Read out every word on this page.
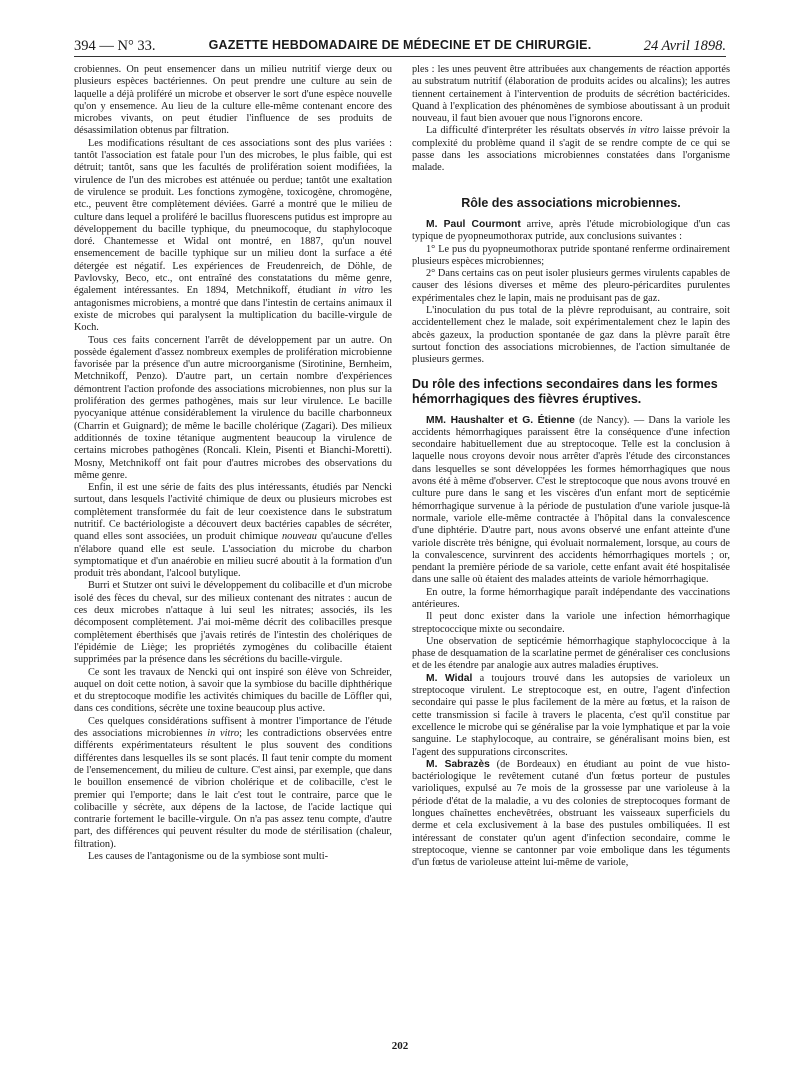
394 — N° 33.	GAZETTE HEBDOMADAIRE DE MÉDECINE ET DE CHIRURGIE.	24 Avril 1898.

crobiennes. On peut ensemencer dans un milieu nutritif vierge deux ou plusieurs espèces bactériennes. On peut prendre une culture au sein de laquelle a déjà proliféré un microbe et observer le sort d'une espèce nouvelle qu'on y ensemence. Au lieu de la culture elle-même contenant encore des microbes vivants, on peut étudier l'influence de ses produits de désassimilation obtenus par filtration.

Les modifications résultant de ces associations sont des plus variées : tantôt l'association est fatale pour l'un des microbes, le plus faible, qui est détruit; tantôt, sans que les facultés de prolifération soient modifiées, la virulence de l'un des microbes est atténuée ou perdue; tantôt une exaltation de virulence se produit. Les fonctions zymogène, toxicogène, chromogène, etc., peuvent être complètement déviées. Garré a montré que le milieu de culture dans lequel a proliféré le bacillus fluorescens putidus est impropre au développement du bacille typhique, du pneumocoque, du staphylocoque doré. Chantemesse et Widal ont montré, en 1887, qu'un nouvel ensemencement de bacille typhique sur un milieu dont la surface a été détergée est négatif. Les expériences de Freudenreich, de Döhle, de Pavlovsky, Beco, etc., ont entraîné des constatations du même genre, également intéressantes. En 1894, Metchnikoff, étudiant in vitro les antagonismes microbiens, a montré que dans l'intestin de certains animaux il existe de microbes qui paralysent la multiplication du bacille-virgule de Koch.

Tous ces faits concernent l'arrêt de développement par un autre. On possède également d'assez nombreux exemples de prolifération microbienne favorisée par la présence d'un autre microorganisme (Sirotinine, Bernheim, Metchnikoff, Penzo). D'autre part, un certain nombre d'expériences démontrent l'action profonde des associations microbiennes, non plus sur la prolifération des germes pathogènes, mais sur leur virulence. Le bacille pyocyanique atténue considérablement la virulence du bacille charbonneux (Charrin et Guignard); de même le bacille cholérique (Zagari). Des milieux additionnés de toxine tétanique augmentent beaucoup la virulence de certains microbes pathogènes (Roncali. Klein, Pisenti et Bianchi-Moretti). Mosny, Metchnikoff ont fait pour d'autres microbes des observations du même genre.

Enfin, il est une série de faits des plus intéressants, étudiés par Nencki surtout, dans lesquels l'activité chimique de deux ou plusieurs microbes est complètement transformée du fait de leur coexistence dans le substratum nutritif. Ce bactériologiste a découvert deux bactéries capables de sécréter, quand elles sont associées, un produit chimique nouveau qu'aucune d'elles n'élabore quand elle est seule. L'association du microbe du charbon symptomatique et d'un anaérobie en milieu sucré aboutit à la formation d'un produit très abondant, l'alcool butylique.

Burri et Stutzer ont suivi le développement du colibacille et d'un microbe isolé des fèces du cheval, sur des milieux contenant des nitrates : aucun de ces deux microbes n'attaque à lui seul les nitrates; associés, ils les décomposent complètement. J'ai moi-même décrit des colibacilles presque complètement éberthisés que j'avais retirés de l'intestin des cholériques de l'épidémie de Liège; les propriétés zymogènes du colibacille étaient supprimées par la présence dans les sécrétions du bacille-virgule.

Ce sont les travaux de Nencki qui ont inspiré son élève von Schreider, auquel on doit cette notion, à savoir que la symbiose du bacille diphthérique et du streptocoque modifie les activités chimiques du bacille de Löffler qui, dans ces conditions, sécrète une toxine beaucoup plus active.

Ces quelques considérations suffisent à montrer l'importance de l'étude des associations microbiennes in vitro; les contradictions observées entre différents expérimentateurs résultent le plus souvent des conditions différentes dans lesquelles ils se sont placés. Il faut tenir compte du moment de l'ensemencement, du milieu de culture. C'est ainsi, par exemple, que dans le bouillon ensemencé de vibrion cholérique et de colibacille, c'est le premier qui l'emporte; dans le lait c'est tout le contraire, parce que le colibacille y sécrète, aux dépens de la lactose, de l'acide lactique qui contrarie fortement le bacille-virgule. On n'a pas assez tenu compte, d'autre part, des différences qui peuvent résulter du mode de stérilisation (chaleur, filtration).

Les causes de l'antagonisme ou de la symbiose sont multi-

ples : les unes peuvent être attribuées aux changements de réaction apportés au substratum nutritif (élaboration de produits acides ou alcalins); les autres tiennent certainement à l'intervention de produits de sécrétion bactéricides. Quand à l'explication des phénomènes de symbiose aboutissant à un produit nouveau, il faut bien avouer que nous l'ignorons encore.

La difficulté d'interpréter les résultats observés in vitro laisse prévoir la complexité du problème quand il s'agit de se rendre compte de ce qui se passe dans les associations microbiennes constatées dans l'organisme malade.

Rôle des associations microbiennes.

M. Paul Courmont arrive, après l'étude microbiologique d'un cas typique de pyopneumothorax putride, aux conclusions suivantes :

1° Le pus du pyopneumothorax putride spontané renferme ordinairement plusieurs espèces microbiennes;

2° Dans certains cas on peut isoler plusieurs germes virulents capables de causer des lésions diverses et même des pleuro-péricardites purulentes expérimentales chez le lapin, mais ne produisant pas de gaz.

L'inoculation du pus total de la plèvre reproduisant, au contraire, soit accidentellement chez le malade, soit expérimentalement chez le lapin des abcès gazeux, la production spontanée de gaz dans la plèvre paraît être surtout fonction des associations microbiennes, de l'action simultanée de plusieurs germes.

Du rôle des infections secondaires dans les formes hémorrhagiques des fièvres éruptives.

MM. Haushalter et G. Étienne (de Nancy). — Dans la variole les accidents hémorrhagiques paraissent être la conséquence d'une infection secondaire habituellement due au streptocoque. Telle est la conclusion à laquelle nous croyons devoir nous arrêter d'après l'étude des circonstances dans lesquelles se sont développées les formes hémorrhagiques que nous avons été à même d'observer. C'est le streptocoque que nous avons trouvé en culture pure dans le sang et les viscères d'un enfant mort de septicémie hémorrhagique survenue à la période de pustulation d'une variole jusque-là normale, variole elle-même contractée à l'hôpital dans la convalescence d'une diphtérie. D'autre part, nous avons observé une enfant atteinte d'une variole discrète très bénigne, qui évoluait normalement, lorsque, au cours de la convalescence, survinrent des accidents hémorrhagiques mortels ; or, pendant la première période de sa variole, cette enfant avait été hospitalisée dans une salle où étaient des malades atteints de variole hémorrhagique.

En outre, la forme hémorrhagique paraît indépendante des vaccinations antérieures.

Il peut donc exister dans la variole une infection hémorrhagique streptococcique mixte ou secondaire.

Une observation de septicémie hémorrhagique staphylococcique à la phase de desquamation de la scarlatine permet de généraliser ces conclusions et de les étendre par analogie aux autres maladies éruptives.

M. Widal a toujours trouvé dans les autopsies de varioleux un streptocoque virulent. Le streptocoque est, en outre, l'agent d'infection secondaire qui passe le plus facilement de la mère au fœtus, et la raison de cette transmission si facile à travers le placenta, c'est qu'il constitue par excellence le microbe qui se généralise par la voie lymphatique et par la voie sanguine. Le staphylocoque, au contraire, se généralisant moins bien, est l'agent des suppurations circonscrites.

M. Sabrazès (de Bordeaux) en étudiant au point de vue histo-bactériologique le revêtement cutané d'un fœtus porteur de pustules varioliques, expulsé au 7e mois de la grossesse par une varioleuse à la période d'état de la maladie, a vu des colonies de streptocoques formant de longues chaînettes enchevêtrées, obstruant les vaisseaux superficiels du derme et cela exclusivement à la base des pustules ombiliquées. Il est intéressant de constater qu'un agent d'infection secondaire, comme le streptocoque, vienne se cantonner par voie embolique dans les téguments d'un fœtus de varioleuse atteint lui-même de variole,

202
